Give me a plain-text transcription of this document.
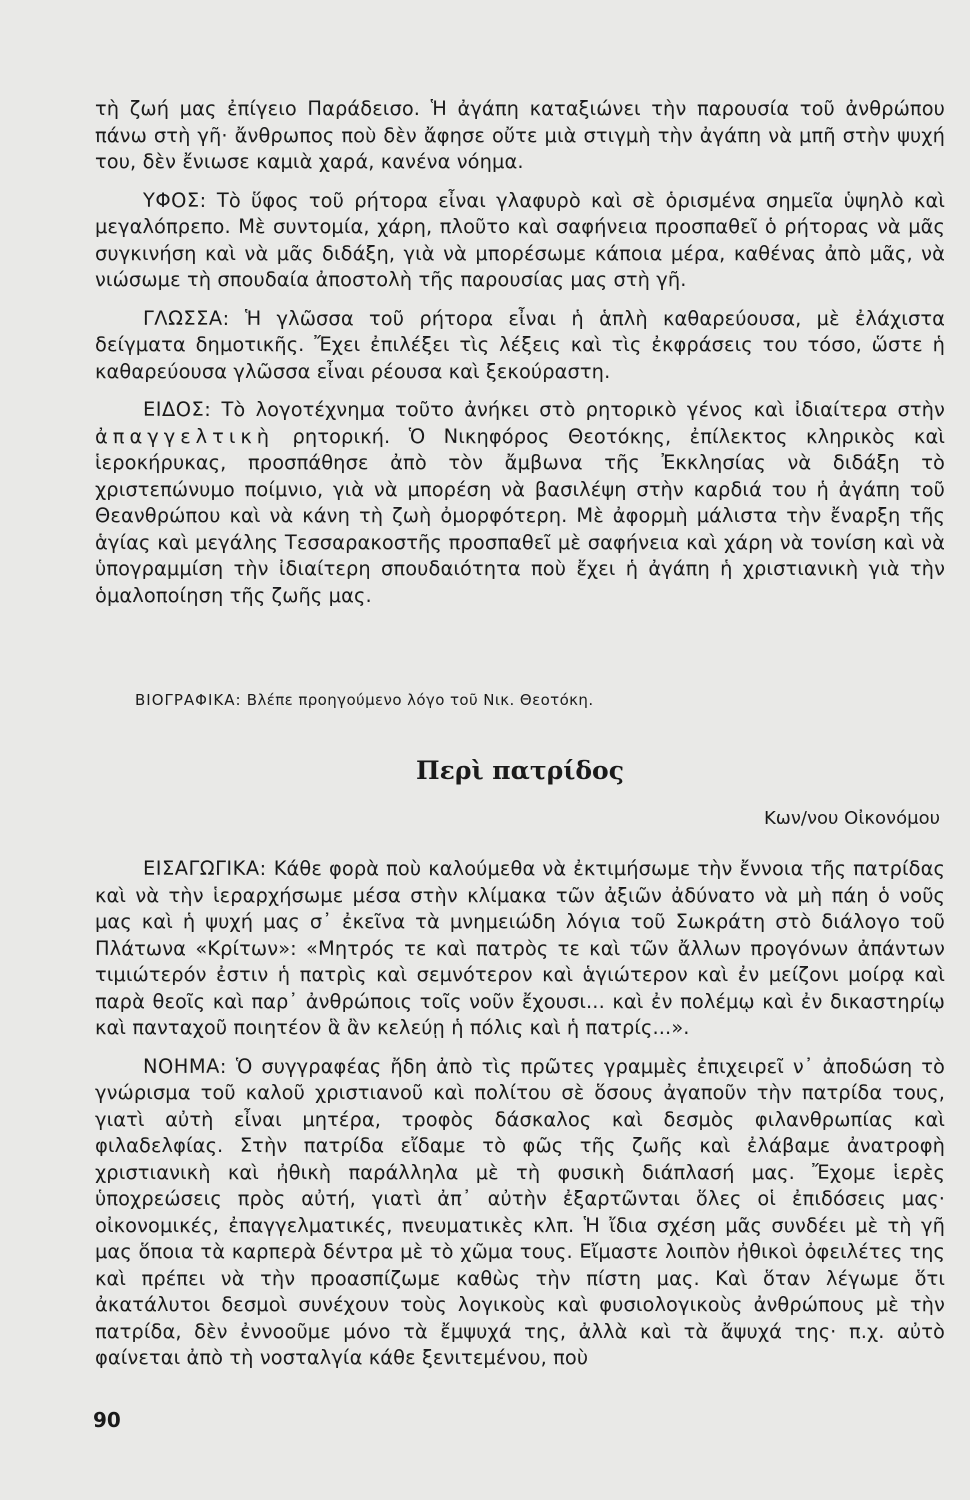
τὴ ζωή μας ἐπίγειο Παράδεισο. Ἡ ἀγάπη καταξιώνει τὴν παρουσία τοῦ ἀνθρώπου πάνω στὴ γῆ· ἄνθρωπος ποὺ δὲν ἄφησε οὔτε μιὰ στιγμὴ τὴν ἀγάπη νὰ μπῆ στὴν ψυχή του, δὲν ἔνιωσε καμιὰ χαρά, κανένα νόημα.

ΥΦΟΣ: Τὸ ὕφος τοῦ ρήτορα εἶναι γλαφυρὸ καὶ σὲ ὁρισμένα σημεῖα ὑψηλὸ καὶ μεγαλόπρεπο. Μὲ συντομία, χάρη, πλοῦτο καὶ σαφήνεια προσπαθεῖ ὁ ρήτορας νὰ μᾶς συγκινήση καὶ νὰ μᾶς διδάξη, γιὰ νὰ μπορέσωμε κάποια μέρα, καθένας ἀπὸ μᾶς, νὰ νιώσωμε τὴ σπουδαία ἀποστολὴ τῆς παρουσίας μας στὴ γῆ.

ΓΛΩΣΣΑ: Ἡ γλῶσσα τοῦ ρήτορα εἶναι ἡ ἁπλὴ καθαρεύουσα, μὲ ἐλάχιστα δείγματα δημοτικῆς. Ἔχει ἐπιλέξει τὶς λέξεις καὶ τὶς ἐκφράσεις του τόσο, ὥστε ἡ καθαρεύουσα γλῶσσα εἶναι ρέουσα καὶ ξεκούραστη.

ΕΙΔΟΣ: Τὸ λογοτέχνημα τοῦτο ἀνήκει στὸ ρητορικὸ γένος καὶ ἰδιαίτερα στὴν ἀπαγγελτικὴ ρητορική. Ὁ Νικηφόρος Θεοτόκης, ἐπίλεκτος κληρικὸς καὶ ἱεροκήρυκας, προσπάθησε ἀπὸ τὸν ἄμβωνα τῆς Ἐκκλησίας νὰ διδάξη τὸ χριστεπώνυμο ποίμνιο, γιὰ νὰ μπορέση νὰ βασιλέψη στὴν καρδιά του ἡ ἀγάπη τοῦ Θεανθρώπου καὶ νὰ κάνη τὴ ζωὴ ὀμορφότερη. Μὲ ἀφορμὴ μάλιστα τὴν ἔναρξη τῆς ἁγίας καὶ μεγάλης Τεσσαρακοστῆς προσπαθεῖ μὲ σαφήνεια καὶ χάρη νὰ τονίση καὶ νὰ ὑπογραμμίση τὴν ἰδιαίτερη σπουδαιότητα ποὺ ἔχει ἡ ἀγάπη ἡ χριστιανικὴ γιὰ τὴν ὁμαλοποίηση τῆς ζωῆς μας.

ΒΙΟΓΡΑΦΙΚΑ: Βλέπε προηγούμενο λόγο τοῦ Νικ. Θεοτόκη.
Περὶ πατρίδος
Κων/νου Οἰκονόμου

ΕΙΣΑΓΩΓΙΚΑ: Κάθε φορὰ ποὺ καλούμεθα νὰ ἐκτιμήσωμε τὴν ἔννοια τῆς πατρίδας καὶ νὰ τὴν ἱεραρχήσωμε μέσα στὴν κλίμακα τῶν ἀξιῶν ἀδύνατο νὰ μὴ πάη ὁ νοῦς μας καὶ ἡ ψυχή μας σ᾽ ἐκεῖνα τὰ μνημειώδη λόγια τοῦ Σωκράτη στὸ διάλογο τοῦ Πλάτωνα «Κρίτων»: «Μητρός τε καὶ πατρὸς τε καὶ τῶν ἄλλων προγόνων ἀπάντων τιμιώτερόν ἐστιν ἡ πατρὶς καὶ σεμνότερον καὶ ἁγιώτερον καὶ ἐν μείζονι μοίρᾳ καὶ παρὰ θεοῖς καὶ παρ᾽ ἀνθρώποις τοῖς νοῦν ἔχουσι... καὶ ἐν πολέμῳ καὶ ἐν δικαστηρίῳ καὶ πανταχοῦ ποιητέον ἃ ἂν κελεύῃ ἡ πόλις καὶ ἡ πατρίς...».

ΝΟΗΜΑ: Ὁ συγγραφέας ἤδη ἀπὸ τὶς πρῶτες γραμμὲς ἐπιχειρεῖ ν᾽ ἀποδώση τὸ γνώρισμα τοῦ καλοῦ χριστιανοῦ καὶ πολίτου σὲ ὅσους ἀγαποῦν τὴν πατρίδα τους, γιατὶ αὐτὴ εἶναι μητέρα, τροφὸς δάσκαλος καὶ δεσμὸς φιλανθρωπίας καὶ φιλαδελφίας. Στὴν πατρίδα εἴδαμε τὸ φῶς τῆς ζωῆς καὶ ἐλάβαμε ἀνατροφὴ χριστιανικὴ καὶ ἠθικὴ παράλληλα μὲ τὴ φυσικὴ διάπλασή μας. Ἔχομε ἱερὲς ὑποχρεώσεις πρὸς αὐτή, γιατὶ ἀπ᾽ αὐτὴν ἐξαρτῶνται ὅλες οἱ ἐπιδόσεις μας· οἰκονομικές, ἐπαγγελματικές, πνευματικὲς κλπ. Ἡ ἴδια σχέση μᾶς συνδέει μὲ τὴ γῆ μας ὅποια τὰ καρπερὰ δέντρα μὲ τὸ χῶμα τους. Εἴμαστε λοιπὸν ἠθικοὶ ὀφειλέτες της καὶ πρέπει νὰ τὴν προασπίζωμε καθὼς τὴν πίστη μας. Καὶ ὅταν λέγωμε ὅτι ἀκατάλυτοι δεσμοὶ συνέχουν τοὺς λογικοὺς καὶ φυσιολογικοὺς ἀνθρώπους μὲ τὴν πατρίδα, δὲν ἐννοοῦμε μόνο τὰ ἔμψυχά της, ἀλλὰ καὶ τὰ ἄψυχά της· π.χ. αὐτὸ φαίνεται ἀπὸ τὴ νοσταλγία κάθε ξενιτεμένου, ποὺ

90
